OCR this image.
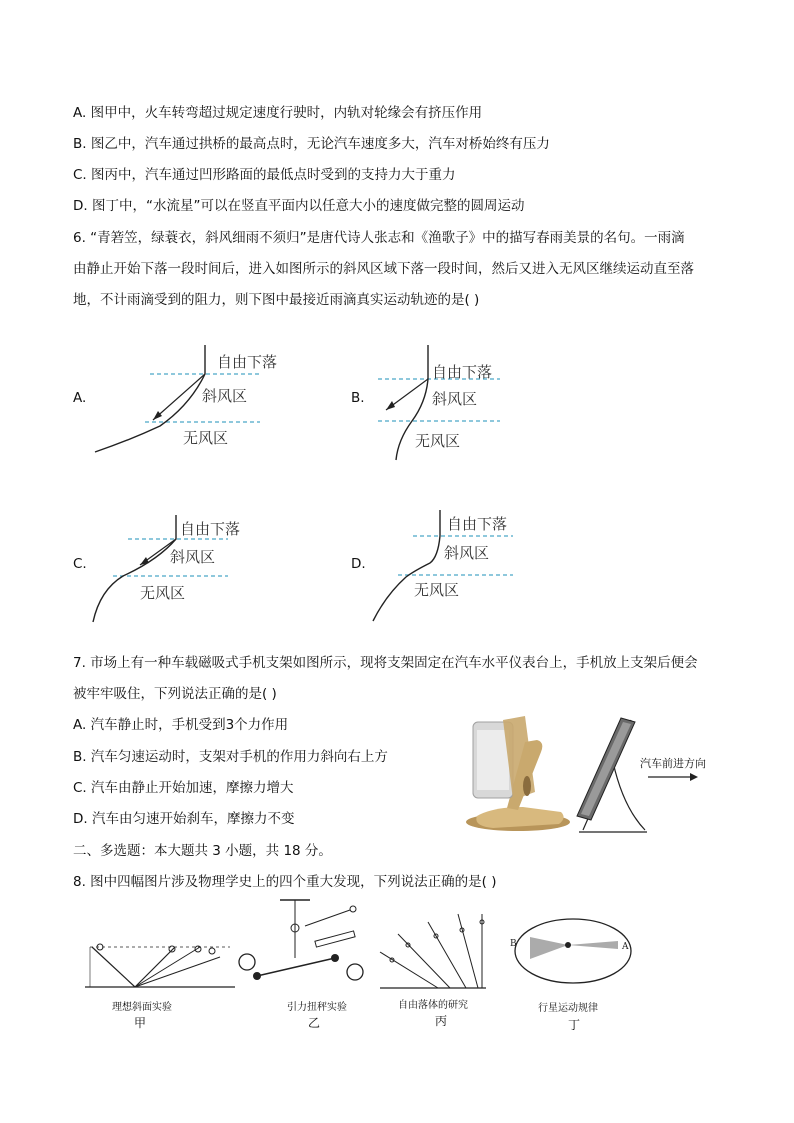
A. 图甲中，火车转弯超过规定速度行驶时，内轨对轮缘会有挤压作用
B. 图乙中，汽车通过拱桥的最高点时，无论汽车速度多大，汽车对桥始终有压力
C. 图丙中，汽车通过凹形路面的最低点时受到的支持力大于重力
D. 图丁中，“水流星”可以在竖直平面内以任意大小的速度做完整的圆周运动
6. “青箬笠，绿蓑衣，斜风细雨不须归”是唐代诗人张志和《渔歌子》中的描写春雨美景的名句。一雨滴
由静止开始下落一段时间后，进入如图所示的斜风区域下落一段时间，然后又进入无风区继续运动直至落
地，不计雨滴受到的阻力，则下图中最接近雨滴真实运动轨迹的是( )
A.
自由下落
斜风区
无风区
B.
自由下落
斜风区
无风区
C.
自由下落
斜风区
无风区
D.
自由下落
斜风区
无风区
7. 市场上有一种车载磁吸式手机支架如图所示，现将支架固定在汽车水平仪表台上，手机放上支架后便会
被牢牢吸住，下列说法正确的是( )
A. 汽车静止时，手机受到3个力作用
B. 汽车匀速运动时，支架对手机的作用力斜向右上方
C. 汽车由静止开始加速，摩擦力增大
D. 汽车由匀速开始刹车，摩擦力不变
汽车前进方向
二、多选题：本大题共 3 小题，共 18 分。
8. 图中四幅图片涉及物理学史上的四个重大发现，下列说法正确的是( )
理想斜面实验
甲
引力扭秤实验
乙
自由落体的研究
丙
B	A
行星运动规律
丁
